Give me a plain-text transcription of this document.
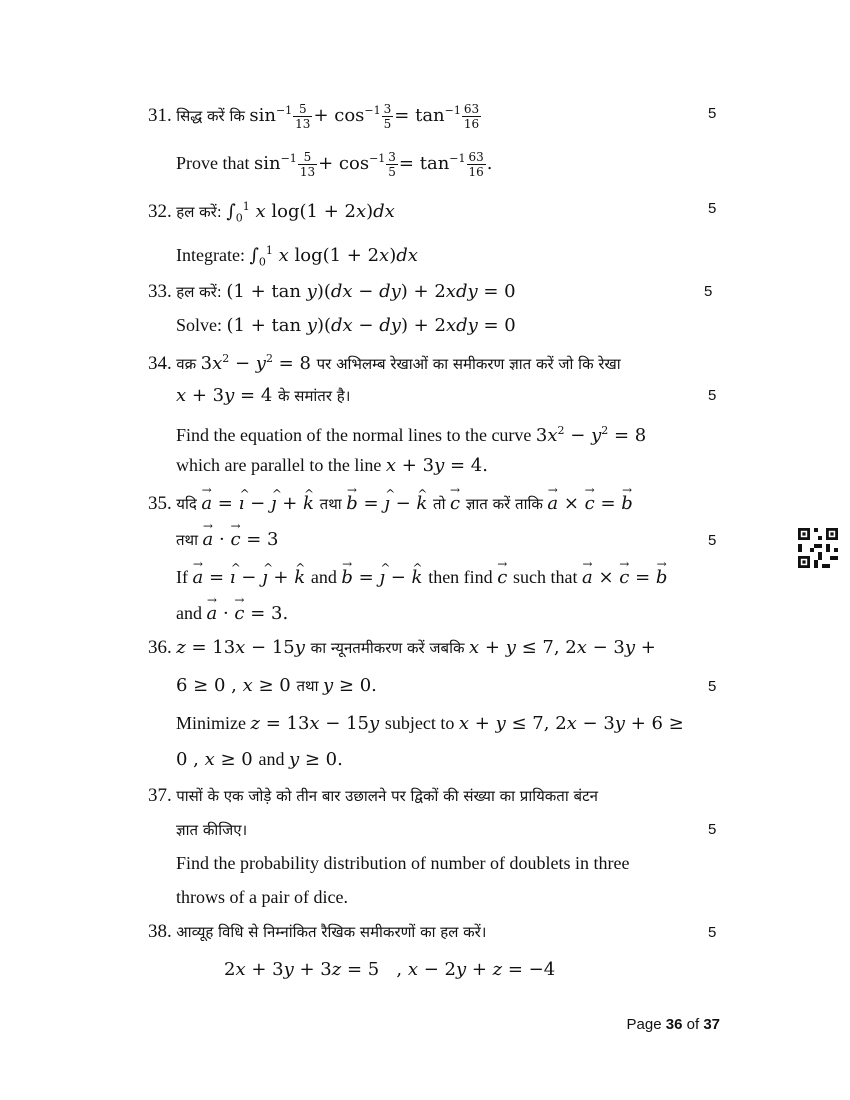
31. सिद्ध करें कि $\sin^{-1} \frac{5}{13} + \cos^{-1} \frac{3}{5} = \tan^{-1} \frac{63}{16}$	5
Prove that $\sin^{-1} \frac{5}{13} + \cos^{-1} \frac{3}{5} = \tan^{-1} \frac{63}{16}$ .
32. हल करें: $\int_0^1$ x log(1 + 2x)dx	5
Integrate: $\int_0^1$ x log(1 + 2x)dx
33. हल करें: (1 + tan y)(dx − dy) + 2xdy = 0	5
Solve: (1 + tan y)(dx − dy) + 2xdy = 0
34. वक्र $3x^2 - y^2 = 8$ पर अभिलम्ब रेखाओं का समीकरण ज्ञात करें जो कि रेखा
x + 3y = 4 के समांतर है।	5
Find the equation of the normal lines to the curve $3x^2 - y^2 = 8$
which are parallel to the line x + 3y = 4.
35. यदि a → = ı ^ − ȷ ^ + k ^ तथा b → = ȷ ^ − k ^ तो c → ज्ञात करें ताकि a → × c → = b →
तथा a → · c → = 3	5
If a → = ı ^ − ȷ ^ + k ^ and b → = ȷ ^ − k ^ then find c → such that a → × c → = b →
and a → · c → = 3.
36. z = 13x − 15y का न्यूनतमीकरण करें जबकि x + y ≤ 7, 2x − 3y +
6 ≥ 0 , x ≥ 0 तथा y ≥ 0.	5
Minimize z = 13x − 15y subject to x + y ≤ 7, 2x − 3y + 6 ≥
0 , x ≥ 0 and y ≥ 0.
37. पासों के एक जोड़े को तीन बार उछालने पर द्विकों की संख्या का प्रायिकता बंटन
ज्ञात कीजिए।	5
Find the probability distribution of number of doublets in three
throws of a pair of dice.
38. आव्यूह विधि से निम्नांकित रैखिक समीकरणों का हल करें।	5
2x + 3y + 3z = 5   , x − 2y + z = −4
Page 36 of 37
